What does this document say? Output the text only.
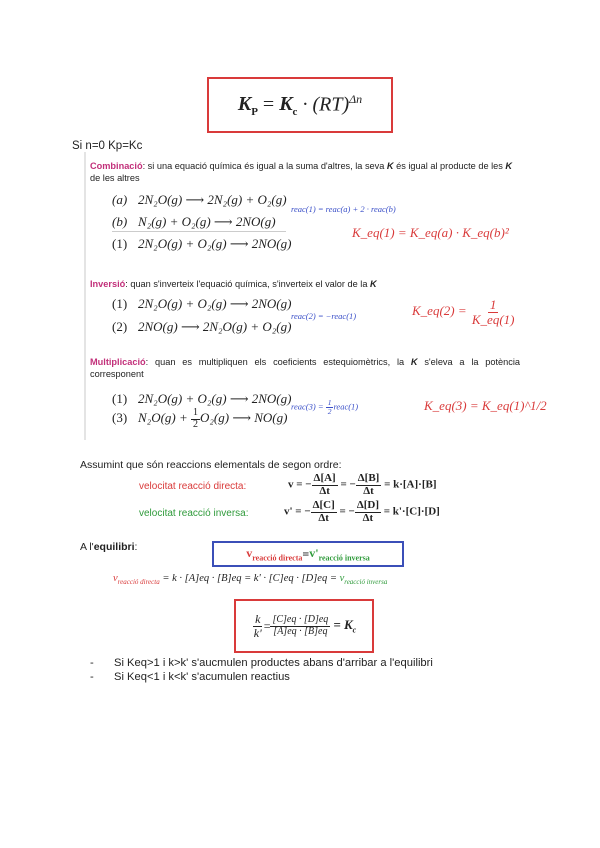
$K_P = K_c \cdot (RT)^{\Delta n}$
Si n=0 Kp=Kc
Combinació: si una equació química és igual a la suma d'altres, la seva K és igual al producte de les K de les altres
(a) 2N₂O(g) ⟶ 2N₂(g) + O₂(g)
(b) N₂(g) + O₂(g) ⟶ 2NO(g)
(1) 2N₂O(g) + O₂(g) ⟶ 2NO(g)
reac(1) = reac(a) + 2 · reac(b)
K_eq(1) = K_eq(a) · K_eq(b)²
Inversió: quan s'inverteix l'equació química, s'inverteix el valor de la K
(1) 2N₂O(g) + O₂(g) ⟶ 2NO(g)
(2) 2NO(g) ⟶ 2N₂O(g) + O₂(g)
reac(2) = −reac(1)	K_eq(2) = $\frac{1}{K\_eq(1)}$
Multiplicació: quan es multipliquen els coeficients estequiomètrics, la K s'eleva a la potència corresponent
(1) 2N₂O(g) + O₂(g) ⟶ 2NO(g)
(3) $N_2O(g) + \frac{1}{2} O_2(g)$ ⟶ NO(g)
reac(3) = $\frac{1}{2}$ reac(1)	K_eq(3) = K_eq(1)^1/2
Assumint que són reaccions elementals de segon ordre:
velocitat reacció directa:	v = − $\frac{\Delta[A]}{\Delta t}$ = − $\frac{\Delta[B]}{\Delta t} = k\cdot[A]\cdot[B]$
velocitat reacció inversa:	v' = − $\frac{\Delta[C]}{\Delta t}$ = − $\frac{\Delta[D]}{\Delta t} = k'\cdot[C]\cdot[D]$
A l'equilibri:	$v_{reacció directa} = v'_{reacció inversa}$
$v_{reacció directa} = k \cdot [A]eq \cdot [B]eq = k' \cdot [C]eq \cdot [D]eq = v_{reacció inversa}$
$\frac{k}{k'} = \frac{[C]eq \cdot [D]eq}{[A]eq \cdot [B]eq} = K_c$
- Si Keq>1 i k>k' s'aucmulen productes abans d'arribar a l'equilibri
- Si Keq<1 i k<k' s'acumulen reactius
